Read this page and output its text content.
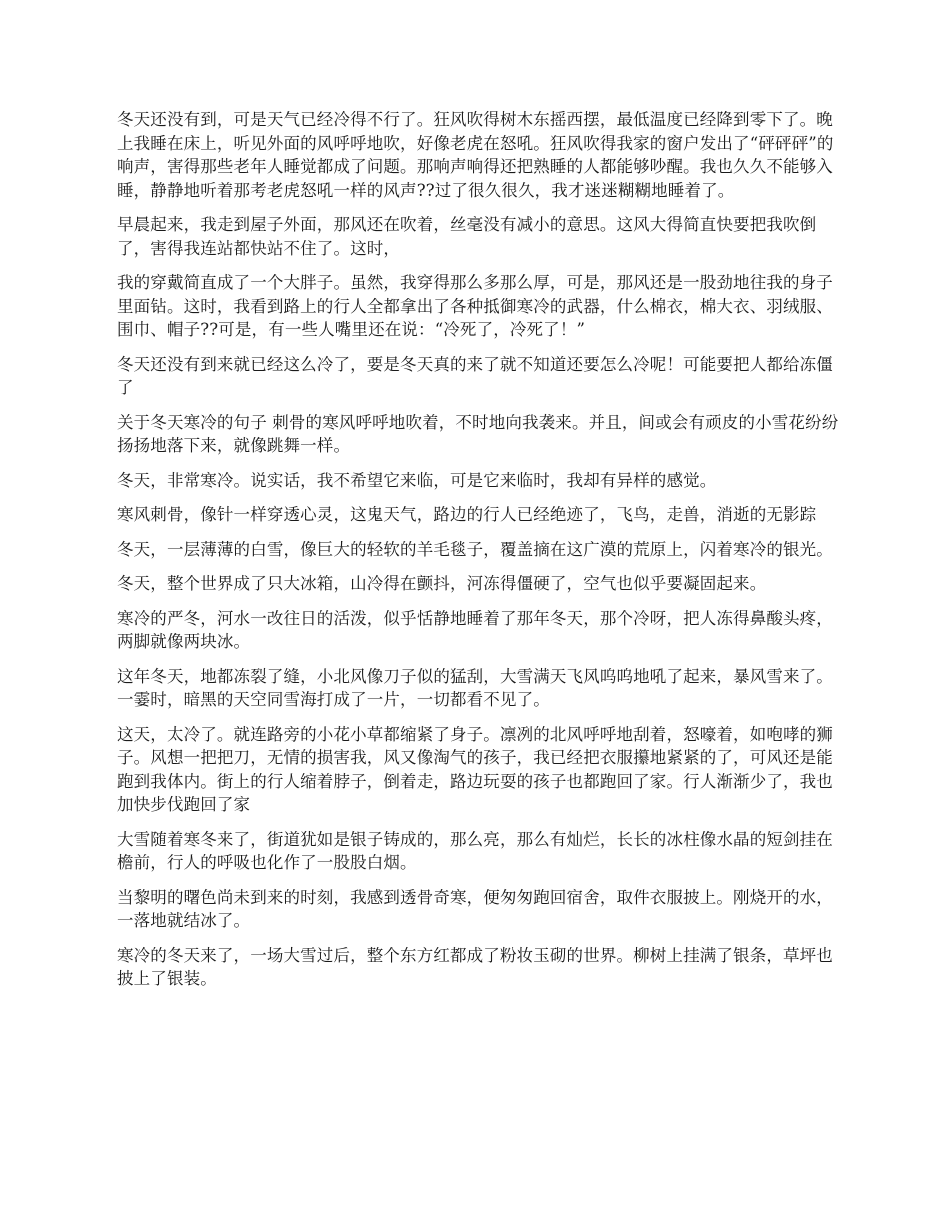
冬天还没有到，可是天气已经冷得不行了。狂风吹得树木东摇西摆，最低温度已经降到零下了。晚上我睡在床上，听见外面的风呼呼地吹，好像老虎在怒吼。狂风吹得我家的窗户发出了“砰砰砰”的响声，害得那些老年人睡觉都成了问题。那响声响得还把熟睡的人都能够吵醒。我也久久不能够入睡，静静地听着那考老虎怒吼一样的风声??过了很久很久，我才迷迷糊糊地睡着了。

早晨起来，我走到屋子外面，那风还在吹着，丝毫没有减小的意思。这风大得简直快要把我吹倒了，害得我连站都快站不住了。这时，

我的穿戴简直成了一个大胖子。虽然，我穿得那么多那么厚，可是，那风还是一股劲地往我的身子里面钻。这时，我看到路上的行人全都拿出了各种抵御寒冷的武器，什么棉衣，棉大衣、羽绒服、围巾、帽子??可是，有一些人嘴里还在说：“冷死了，冷死了！”

冬天还没有到来就已经这么冷了，要是冬天真的来了就不知道还要怎么冷呢！可能要把人都给冻僵了

关于冬天寒冷的句子 刺骨的寒风呼呼地吹着，不时地向我袭来。并且，间或会有顽皮的小雪花纷纷扬扬地落下来，就像跳舞一样。

冬天，非常寒冷。说实话，我不希望它来临，可是它来临时，我却有异样的感觉。

寒风刺骨，像针一样穿透心灵，这鬼天气，路边的行人已经绝迹了，飞鸟，走兽，消逝的无影踪

冬天，一层薄薄的白雪，像巨大的轻软的羊毛毯子，覆盖摘在这广漠的荒原上，闪着寒冷的银光。

冬天，整个世界成了只大冰箱，山冷得在颤抖，河冻得僵硬了，空气也似乎要凝固起来。

寒冷的严冬，河水一改往日的活泼，似乎恬静地睡着了那年冬天，那个冷呀，把人冻得鼻酸头疼，两脚就像两块冰。

这年冬天，地都冻裂了缝，小北风像刀子似的猛刮，大雪满天飞风呜呜地吼了起来，暴风雪来了。一霎时，暗黑的天空同雪海打成了一片，一切都看不见了。

这天，太冷了。就连路旁的小花小草都缩紧了身子。凛冽的北风呼呼地刮着，怒嚎着，如咆哮的狮子。风想一把把刀，无情的损害我，风又像淘气的孩子，我已经把衣服攥地紧紧的了，可风还是能跑到我体内。街上的行人缩着脖子，倒着走，路边玩耍的孩子也都跑回了家。行人渐渐少了，我也加快步伐跑回了家

大雪随着寒冬来了，街道犹如是银子铸成的，那么亮，那么有灿烂，长长的冰柱像水晶的短剑挂在檐前，行人的呼吸也化作了一股股白烟。

当黎明的曙色尚未到来的时刻，我感到透骨奇寒，便匆匆跑回宿舍，取件衣服披上。刚烧开的水，一落地就结冰了。

寒冷的冬天来了，一场大雪过后，整个东方红都成了粉妆玉砌的世界。柳树上挂满了银条，草坪也披上了银装。
